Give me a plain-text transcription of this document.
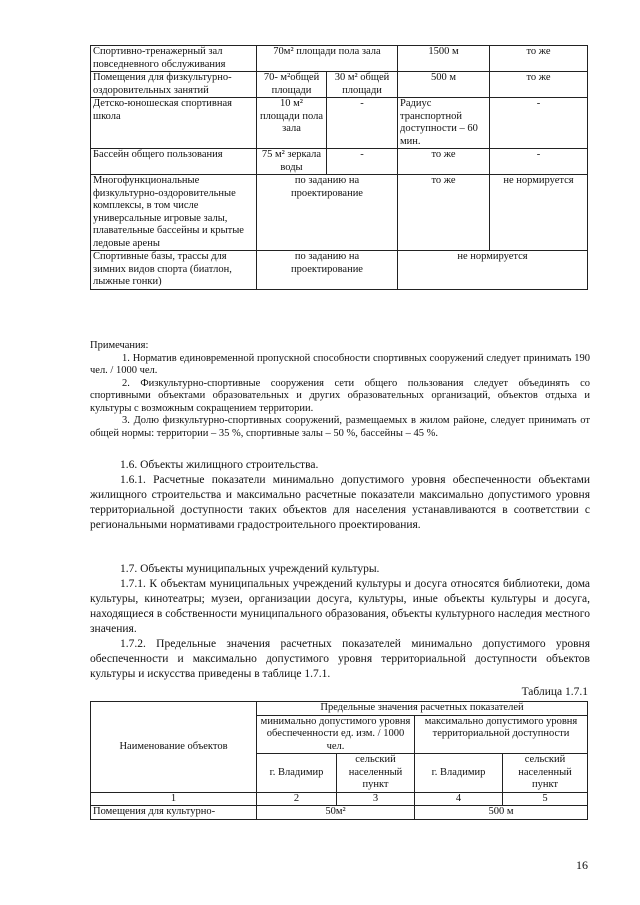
Спортивно-тренажерный зал повседневного обслуживания	70м² площади пола зала		1500 м	то же
Помещения для физкультурно-оздоровительных занятий	70- м²общей площади	30 м² общей площади	500 м	то же
Детско-юношеская спортивная школа	10 м² площади пола зала	-	Радиус транспортной доступности – 60 мин.	-
Бассейн общего пользования	75 м² зеркала воды	-	то же	-
Многофункциональные физкультурно-оздоровительные комплексы, в том числе универсальные игровые залы, плавательные бассейны и крытые ледовые арены	по заданию на проектирование		то же	не нормируется
Спортивные базы, трассы для зимних видов спорта (биатлон, лыжные гонки)	по заданию на проектирование		не нормируется	

Примечания:

1. Норматив единовременной пропускной способности спортивных сооружений следует принимать 190 чел. / 1000 чел.

2. Физкультурно-спортивные сооружения сети общего пользования следует объединять со спортивными объектами образовательных и других образовательных организаций, объектов отдыха и культуры с возможным сокращением территории.

3. Долю физкультурно-спортивных сооружений, размещаемых в жилом районе, следует принимать от общей нормы: территории – 35 %, спортивные залы – 50 %, бассейны – 45 %.

1.6. Объекты жилищного строительства.

1.6.1. Расчетные показатели минимально допустимого уровня обеспеченности объектами жилищного строительства и максимально расчетные показатели максимально допустимого уровня территориальной доступности таких объектов для населения устанавливаются в соответствии с региональными нормативами градостроительного проектирования.

1.7. Объекты муниципальных учреждений культуры.

1.7.1. К объектам муниципальных учреждений культуры и досуга относятся библиотеки, дома культуры, кинотеатры; музеи, организации досуга, культуры, иные объекты культуры и досуга, находящиеся в собственности муниципального образования, объекты культурного наследия местного значения.

1.7.2. Предельные значения расчетных показателей минимально допустимого уровня обеспеченности и максимально допустимого уровня территориальной доступности объектов культуры и искусства приведены в таблице 1.7.1.

Таблица 1.7.1
Наименование объектов	Предельные значения расчетных показателей			
	минимально допустимого уровня обеспеченности ед. изм. / 1000 чел.		максимально допустимого уровня территориальной доступности	
	г. Владимир	сельский населенный пункт	г. Владимир	сельский населенный пункт
1	2	3	4	5
Помещения для культурно-	50м²		500 м	
16
